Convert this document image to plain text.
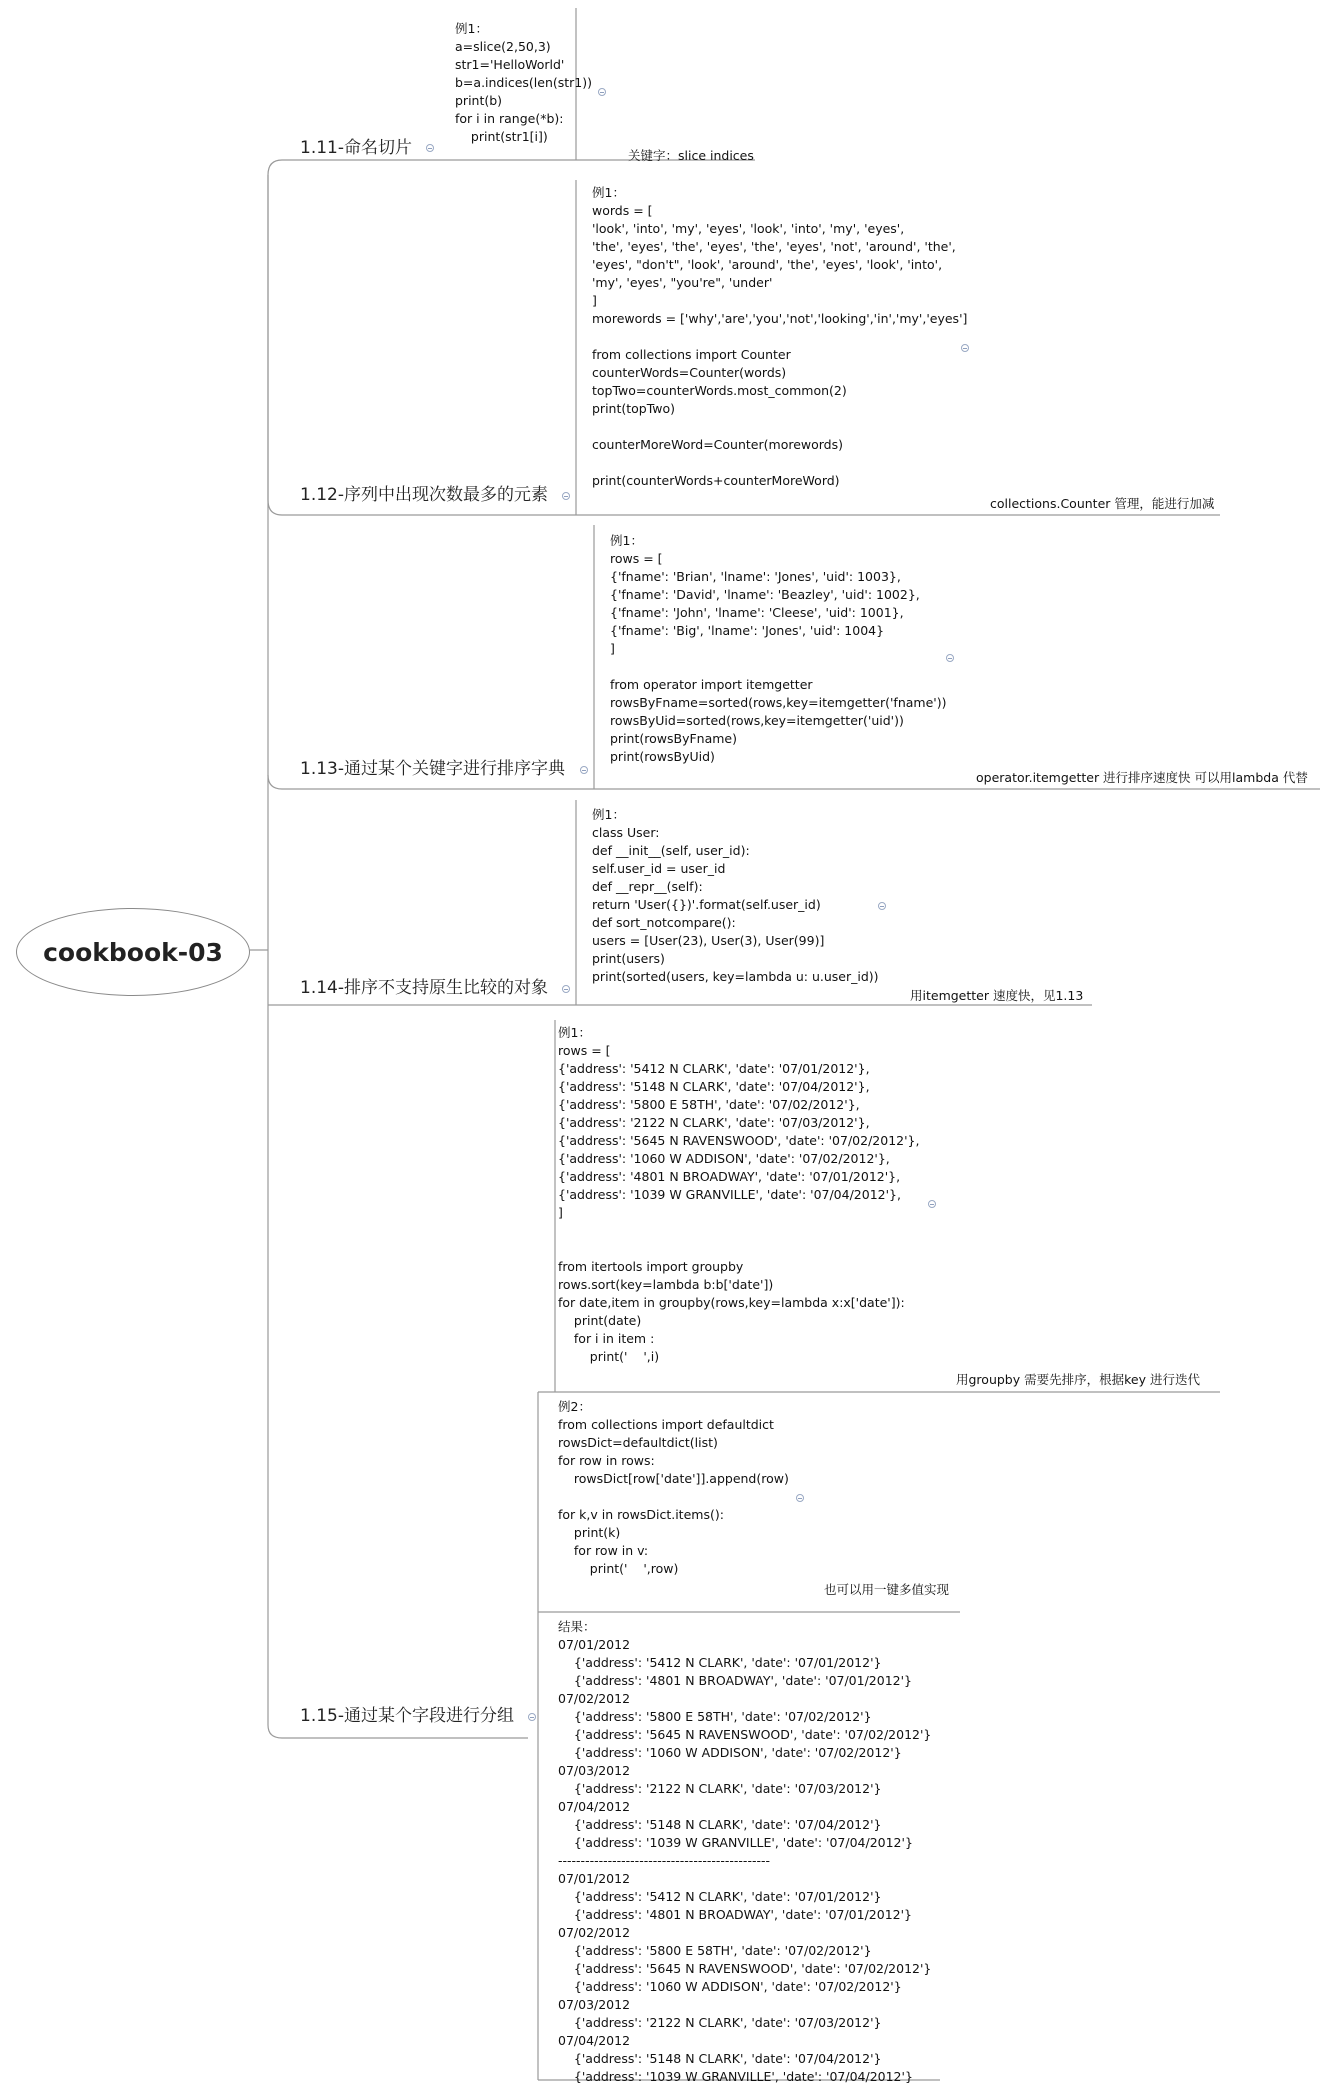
cookbook-03
1.11-命名切片
例1：
a=slice(2,50,3)
str1='HelloWorld'
b=a.indices(len(str1))
print(b)
for i in range(*b):
print(str1[i])
关键字：slice indices
1.12-序列中出现次数最多的元素
例1：
words = [
'look', 'into', 'my', 'eyes', 'look', 'into', 'my', 'eyes',
'the', 'eyes', 'the', 'eyes', 'the', 'eyes', 'not', 'around', 'the',
'eyes', "don't", 'look', 'around', 'the', 'eyes', 'look', 'into',
'my', 'eyes', "you're", 'under'
]
morewords = ['why','are','you','not','looking','in','my','eyes']

from collections import Counter
counterWords=Counter(words)
topTwo=counterWords.most_common(2)
print(topTwo)

counterMoreWord=Counter(morewords)

print(counterWords+counterMoreWord)
collections.Counter 管理，能进行加减
1.13-通过某个关键字进行排序字典
例1：
rows = [
{'fname': 'Brian', 'lname': 'Jones', 'uid': 1003},
{'fname': 'David', 'lname': 'Beazley', 'uid': 1002},
{'fname': 'John', 'lname': 'Cleese', 'uid': 1001},
{'fname': 'Big', 'lname': 'Jones', 'uid': 1004}
]

from operator import itemgetter
rowsByFname=sorted(rows,key=itemgetter('fname'))
rowsByUid=sorted(rows,key=itemgetter('uid'))
print(rowsByFname)
print(rowsByUid)
operator.itemgetter 进行排序速度快 可以用lambda 代替
1.14-排序不支持原生比较的对象
例1：
class User:
def __init__(self, user_id):
self.user_id = user_id
def __repr__(self):
return 'User({})'.format(self.user_id)
def sort_notcompare():
users = [User(23), User(3), User(99)]
print(users)
print(sorted(users, key=lambda u: u.user_id))
用itemgetter 速度快，见1.13
1.15-通过某个字段进行分组
例1：
rows = [
{'address': '5412 N CLARK', 'date': '07/01/2012'},
{'address': '5148 N CLARK', 'date': '07/04/2012'},
{'address': '5800 E 58TH', 'date': '07/02/2012'},
{'address': '2122 N CLARK', 'date': '07/03/2012'},
{'address': '5645 N RAVENSWOOD', 'date': '07/02/2012'},
{'address': '1060 W ADDISON', 'date': '07/02/2012'},
{'address': '4801 N BROADWAY', 'date': '07/01/2012'},
{'address': '1039 W GRANVILLE', 'date': '07/04/2012'},
]

from itertools import groupby
rows.sort(key=lambda b:b['date'])
for date,item in groupby(rows,key=lambda x:x['date']):
print(date)
for i in item :
print('    ',i)
用groupby 需要先排序，根据key 进行迭代
例2：
from collections import defaultdict
rowsDict=defaultdict(list)
for row in rows:
rowsDict[row['date']].append(row)

for k,v in rowsDict.items():
print(k)
for row in v:
print('    ',row)
也可以用一键多值实现
结果：
07/01/2012
{'address': '5412 N CLARK', 'date': '07/01/2012'}
{'address': '4801 N BROADWAY', 'date': '07/01/2012'}
07/02/2012
{'address': '5800 E 58TH', 'date': '07/02/2012'}
{'address': '5645 N RAVENSWOOD', 'date': '07/02/2012'}
{'address': '1060 W ADDISON', 'date': '07/02/2012'}
07/03/2012
{'address': '2122 N CLARK', 'date': '07/03/2012'}
07/04/2012
{'address': '5148 N CLARK', 'date': '07/04/2012'}
{'address': '1039 W GRANVILLE', 'date': '07/04/2012'}
-----------------------------------------------
07/01/2012
{'address': '5412 N CLARK', 'date': '07/01/2012'}
{'address': '4801 N BROADWAY', 'date': '07/01/2012'}
07/02/2012
{'address': '5800 E 58TH', 'date': '07/02/2012'}
{'address': '5645 N RAVENSWOOD', 'date': '07/02/2012'}
{'address': '1060 W ADDISON', 'date': '07/02/2012'}
07/03/2012
{'address': '2122 N CLARK', 'date': '07/03/2012'}
07/04/2012
{'address': '5148 N CLARK', 'date': '07/04/2012'}
{'address': '1039 W GRANVILLE', 'date': '07/04/2012'}
